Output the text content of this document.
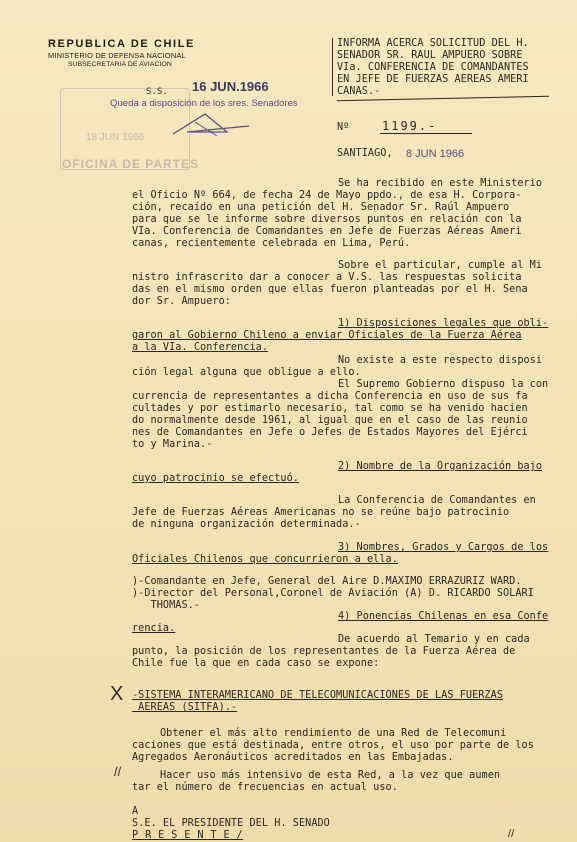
REPUBLICA DE CHILE
MINISTERIO DE DEFENSA NACIONAL
SUBSECRETARIA DE AVIACION
S.S. 16 JUN.1966
Queda a disposición de los sres. Senadores
18 JUN 1966
OFICINA DE PARTES
INFORMA ACERCA SOLICITUD DEL H.
SENADOR SR. RAUL AMPUERO SOBRE
VIa. CONFERENCIA DE COMANDANTES
EN JEFE DE FUERZAS AEREAS AMERI
CANAS.-
Nº	1199.-
SANTIAGO, 8 JUN 1966
Se ha recibido en este Ministerio
el Oficio Nº 664, de fecha 24 de Mayo ppdo., de esa H. Corpora-
ción, recaído en una petición del H. Senador Sr. Raúl Ampuero
para que se le informe sobre diversos puntos en relación con la
VIa. Conferencia de Comandantes en Jefe de Fuerzas Aéreas Ameri
canas, recientemente celebrada en Lima, Perú.
Sobre el particular, cumple al Mi
nistro infrascrito dar a conocer a V.S. las respuestas solicita
das en el mismo orden que ellas fueron planteadas por el H. Sena
dor Sr. Ampuero:
1) Disposiciones legales que obli-
garon al Gobierno Chileno a enviar Oficiales de la Fuerza Aérea
a la VIa. Conferencia.
No existe a este respecto disposi
ción legal alguna que obligue a ello.
El Supremo Gobierno dispuso la con
currencia de representantes a dicha Conferencia en uso de sus fa
cultades y por estimarlo necesario, tal como se ha venido hacien
do normalmente desde 1961, al igual que en el caso de las reunio
nes de Comandantes en Jefe o Jefes de Estados Mayores del Ejérci
to y Marina.-
2) Nombre de la Organización bajo
cuyo patrocinio se efectuó.
La Conferencia de Comandantes en
Jefe de Fuerzas Aéreas Americanas no se reúne bajo patrocinio
de ninguna organización determinada.-
3) Nombres, Grados y Cargos de los
Oficiales Chilenos que concurrieron a ella.
)-Comandante en Jefe, General del Aire D.MAXIMO ERRAZURIZ WARD.
)-Director del Personal,Coronel de Aviación (A) D. RICARDO SOLARI
THOMAS.-
4) Ponencias Chilenas en esa Confe
rencia.
De acuerdo al Temario y en cada
punto, la posición de los representantes de la Fuerza Aérea de
Chile fue la que en cada caso se expone:
X -SISTEMA INTERAMERICANO DE TELECOMUNICACIONES DE LAS FUERZAS
AEREAS (SITFA).-
Obtener el más alto rendimiento de una Red de Telecomuni
caciones que está destinada, entre otros, el uso por parte de los
Agregados Aeronáuticos acreditados en las Embajadas.
//	Hacer uso más intensivo de esta Red, a la vez que aumen
tar el número de frecuencias en actual uso.
A
S.E. EL PRESIDENTE DEL H. SENADO
P R E S E N T E /	//
